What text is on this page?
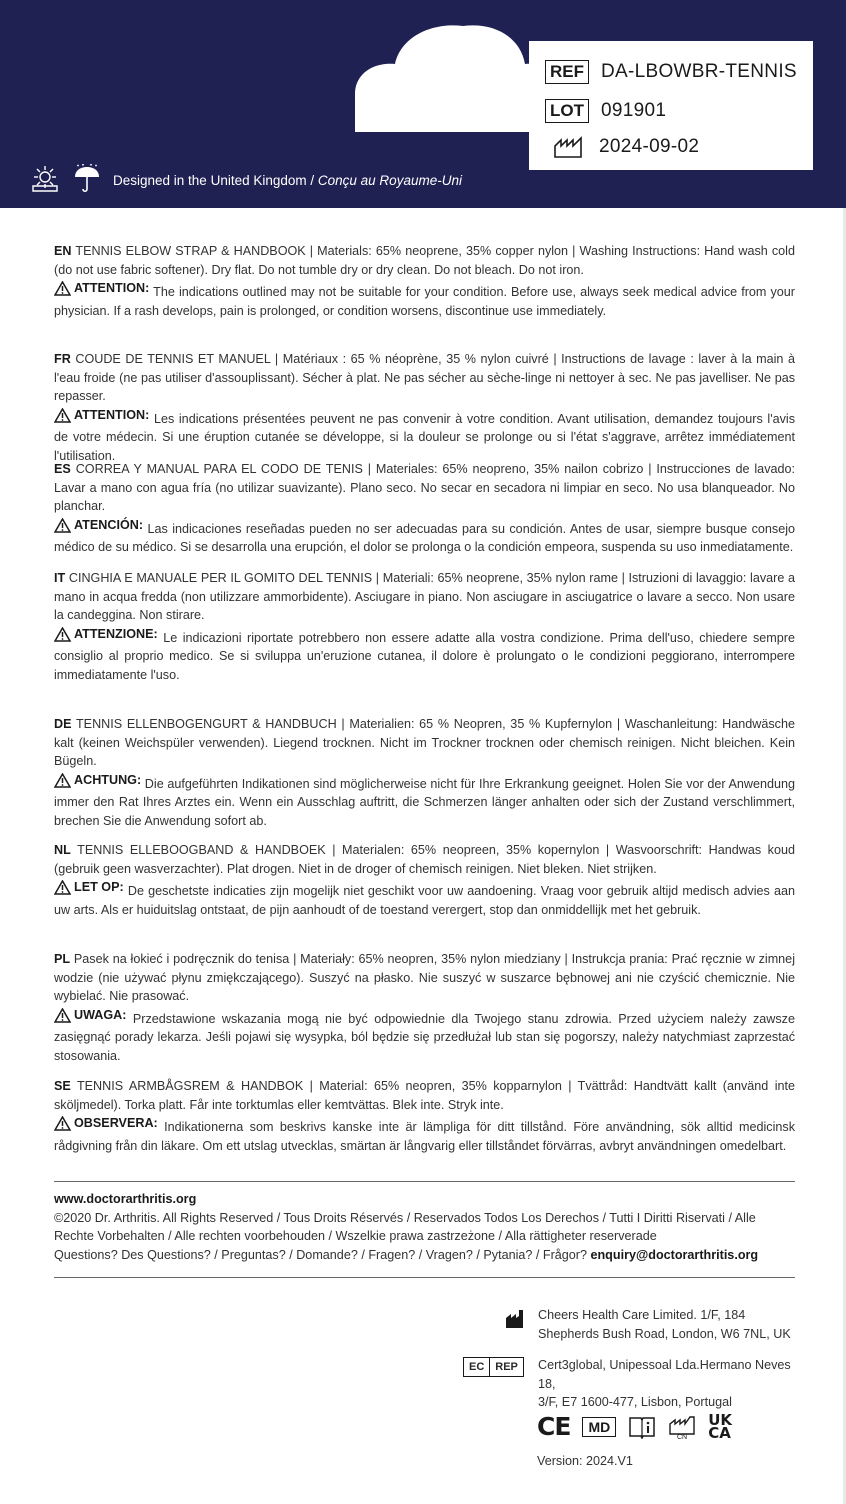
REF DA-LBOWBR-TENNIS
LOT 091901
2024-09-02
Designed in the United Kingdom / Conçu au Royaume-Uni
EN TENNIS ELBOW STRAP & HANDBOOK | Materials: 65% neoprene, 35% copper nylon | Washing Instructions: Hand wash cold (do not use fabric softener). Dry flat. Do not tumble dry or dry clean. Do not bleach. Do not iron.

ATTENTION: The indications outlined may not be suitable for your condition. Before use, always seek medical advice from your physician. If a rash develops, pain is prolonged, or condition worsens, discontinue use immediately.
FR COUDE DE TENNIS ET MANUEL | Matériaux : 65 % néoprène, 35 % nylon cuivré | Instructions de lavage : laver à la main à l'eau froide (ne pas utiliser d'assouplissant). Sécher à plat. Ne pas sécher au sèche-linge ni nettoyer à sec. Ne pas javelliser. Ne pas repasser.

ATTENTION: Les indications présentées peuvent ne pas convenir à votre condition. Avant utilisation, demandez toujours l'avis de votre médecin. Si une éruption cutanée se développe, si la douleur se prolonge ou si l'état s'aggrave, arrêtez immédiatement l'utilisation.
ES CORREA Y MANUAL PARA EL CODO DE TENIS | Materiales: 65% neopreno, 35% nailon cobrizo | Instrucciones de lavado: Lavar a mano con agua fría (no utilizar suavizante). Plano seco. No secar en secadora ni limpiar en seco. No usa blanqueador. No planchar.

ATENCIÓN: Las indicaciones reseñadas pueden no ser adecuadas para su condición. Antes de usar, siempre busque consejo médico de su médico. Si se desarrolla una erupción, el dolor se prolonga o la condición empeora, suspenda su uso inmediatamente.
IT CINGHIA E MANUALE PER IL GOMITO DEL TENNIS | Materiali: 65% neoprene, 35% nylon rame | Istruzioni di lavaggio: lavare a mano in acqua fredda (non utilizzare ammorbidente). Asciugare in piano. Non asciugare in asciugatrice o lavare a secco. Non usare la candeggina. Non stirare.

ATTENZIONE: Le indicazioni riportate potrebbero non essere adatte alla vostra condizione. Prima dell'uso, chiedere sempre consiglio al proprio medico. Se si sviluppa un'eruzione cutanea, il dolore è prolungato o le condizioni peggiorano, interrompere immediatamente l'uso.
DE TENNIS ELLENBOGENGURT & HANDBUCH | Materialien: 65 % Neopren, 35 % Kupfernylon | Waschanleitung: Handwäsche kalt (keinen Weichspüler verwenden). Liegend trocknen. Nicht im Trockner trocknen oder chemisch reinigen. Nicht bleichen. Kein Bügeln.

ACHTUNG: Die aufgeführten Indikationen sind möglicherweise nicht für Ihre Erkrankung geeignet. Holen Sie vor der Anwendung immer den Rat Ihres Arztes ein. Wenn ein Ausschlag auftritt, die Schmerzen länger anhalten oder sich der Zustand verschlimmert, brechen Sie die Anwendung sofort ab.
NL TENNIS ELLEBOOGBAND & HANDBOEK | Materialen: 65% neopreen, 35% kopernylon | Wasvoorschrift: Handwas koud (gebruik geen wasverzachter). Plat drogen. Niet in de droger of chemisch reinigen. Niet bleken. Niet strijken.

LET OP: De geschetste indicaties zijn mogelijk niet geschikt voor uw aandoening. Vraag voor gebruik altijd medisch advies aan uw arts. Als er huiduitslag ontstaat, de pijn aanhoudt of de toestand verergert, stop dan onmiddellijk met het gebruik.
PL Pasek na łokieć i podręcznik do tenisa | Materiały: 65% neopren, 35% nylon miedziany | Instrukcja prania: Prać ręcznie w zimnej wodzie (nie używać płynu zmiękczającego). Suszyć na płasko. Nie suszyć w suszarce bębnowej ani nie czyścić chemicznie. Nie wybielać. Nie prasować.

UWAGA: Przedstawione wskazania mogą nie być odpowiednie dla Twojego stanu zdrowia. Przed użyciem należy zawsze zasięgnąć porady lekarza. Jeśli pojawi się wysypka, ból będzie się przedłużał lub stan się pogorszy, należy natychmiast zaprzestać stosowania.
SE TENNIS ARMBÅGSREM & HANDBOK | Material: 65% neopren, 35% kopparnylon | Tvättråd: Handtvätt kallt (använd inte sköljmedel). Torka platt. Får inte torktumlas eller kemtvättas. Blek inte. Stryk inte.

OBSERVERA: Indikationerna som beskrivs kanske inte är lämpliga för ditt tillstånd. Före användning, sök alltid medicinsk rådgivning från din läkare. Om ett utslag utvecklas, smärtan är långvarig eller tillståndet förvärras, avbryt användningen omedelbart.
www.doctorarthritis.org
©2020 Dr. Arthritis. All Rights Reserved / Tous Droits Réservés / Reservados Todos Los Derechos / Tutti I Diritti Riservati / Alle Rechte Vorbehalten / Alle rechten voorbehouden / Wszelkie prawa zastrzeżone / Alla rättigheter reserverade
Questions? Des Questions? / Preguntas? / Domande? / Fragen? / Vragen? / Pytania? / Frågor? enquiry@doctorarthritis.org
Cheers Health Care Limited. 1/F, 184
Shepherds Bush Road, London, W6 7NL, UK
EC	REP	Cert3global, Unipessoal Lda.Hermano Neves 18,
3/F, E7 1600-477, Lisbon, Portugal
CE	MD
CN
UK
CA
Version: 2024.V1
